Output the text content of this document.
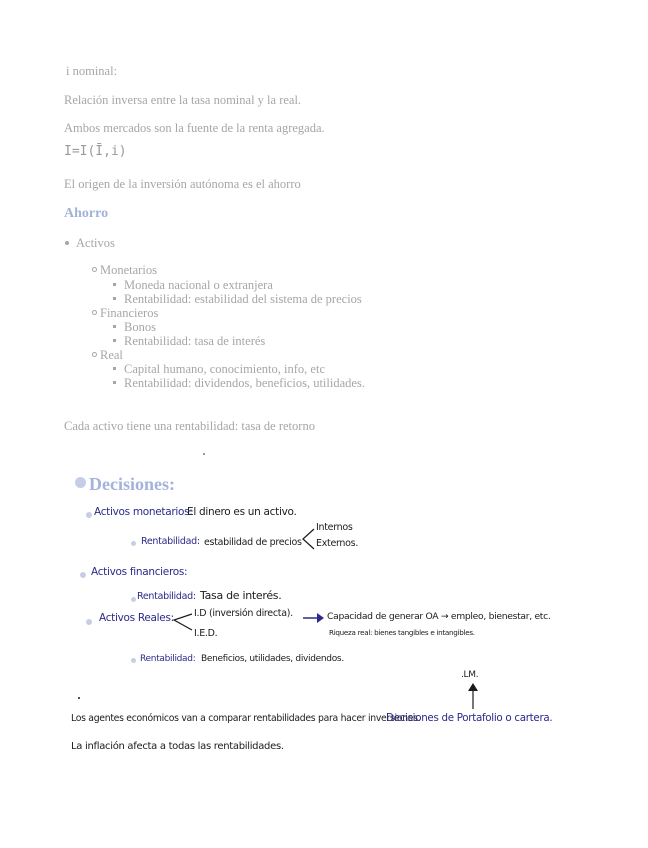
i nominal:
Relación inversa entre la tasa nominal y la real.
Ambos mercados son la fuente de la renta agregada.
I=I(Ī,i)
El origen de la inversión autónoma es el ahorro
Ahorro
Activos
Monetarios
Moneda nacional o extranjera
Rentabilidad: estabilidad del sistema de precios
Financieros
Bonos
Rentabilidad: tasa de interés
Real
Capital humano, conocimiento, info, etc
Rentabilidad: dividendos, beneficios, utilidades.
Cada activo tiene una rentabilidad: tasa de retorno
Decisiones:
Activos monetarios:
El dinero es un activo.
Rentabilidad: estabilidad de precios
Internos
Externos.
Activos financieros:
Rentabilidad: Tasa de interés.
Activos Reales: I.D (inversión directa).
I.E.D.
Capacidad de generar OA → empleo, bienestar, etc.
Riqueza real: bienes tangibles e intangibles.
Rentabilidad: Beneficios, utilidades, dividendos.
.LM.
Los agentes económicos van a comparar rentabilidades para hacer inversiones.
Decisiones de Portafolio o cartera.
La inflación afecta a todas las rentabilidades.
